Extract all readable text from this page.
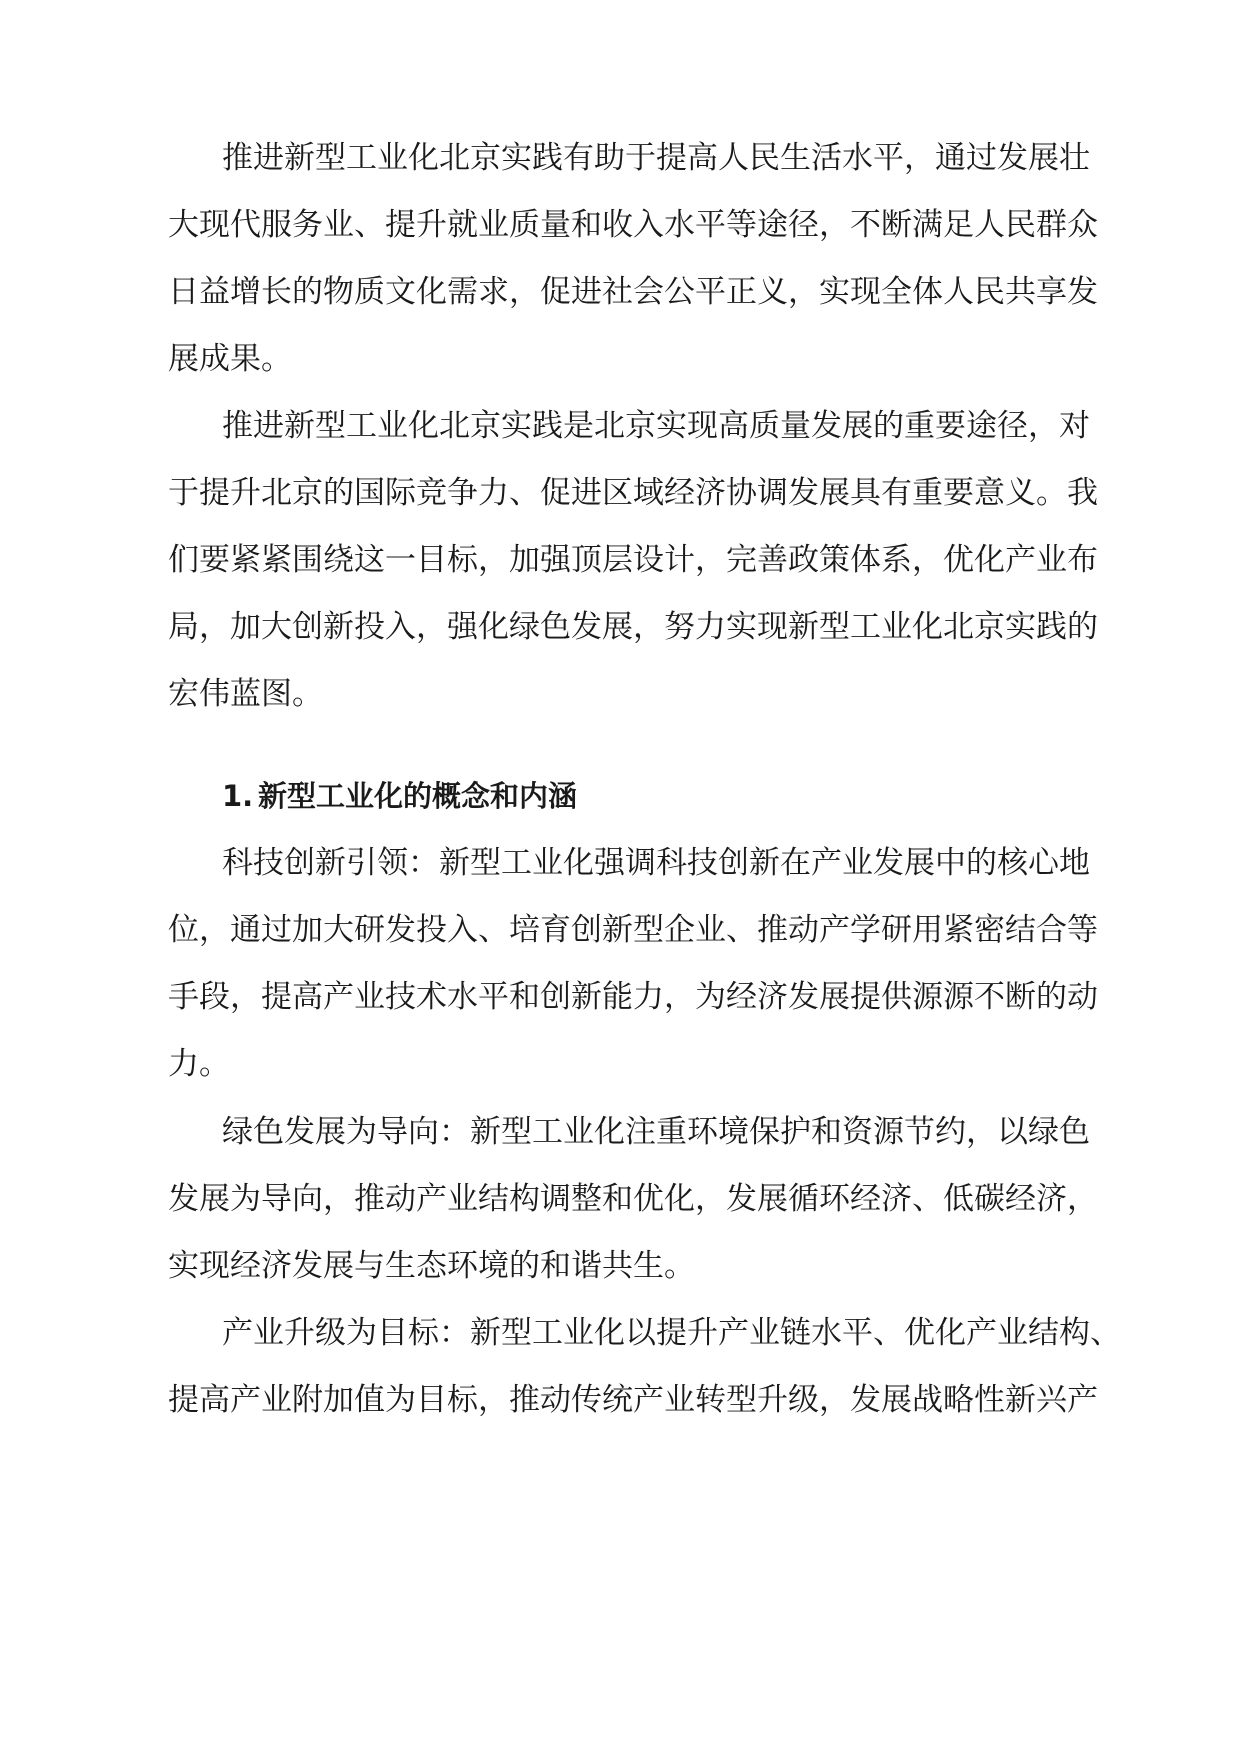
推进新型工业化北京实践有助于提高人民生活水平，通过发展壮
大现代服务业、提升就业质量和收入水平等途径，不断满足人民群众
日益增长的物质文化需求，促进社会公平正义，实现全体人民共享发
展成果。
推进新型工业化北京实践是北京实现高质量发展的重要途径，对
于提升北京的国际竞争力、促进区域经济协调发展具有重要意义。我
们要紧紧围绕这一目标，加强顶层设计，完善政策体系，优化产业布
局，加大创新投入，强化绿色发展，努力实现新型工业化北京实践的
宏伟蓝图。
1. 新型工业化的概念和内涵
科技创新引领：新型工业化强调科技创新在产业发展中的核心地
位，通过加大研发投入、培育创新型企业、推动产学研用紧密结合等
手段，提高产业技术水平和创新能力，为经济发展提供源源不断的动
力。
绿色发展为导向：新型工业化注重环境保护和资源节约，以绿色
发展为导向，推动产业结构调整和优化，发展循环经济、低碳经济，
实现经济发展与生态环境的和谐共生。
产业升级为目标：新型工业化以提升产业链水平、优化产业结构、
提高产业附加值为目标，推动传统产业转型升级，发展战略性新兴产
